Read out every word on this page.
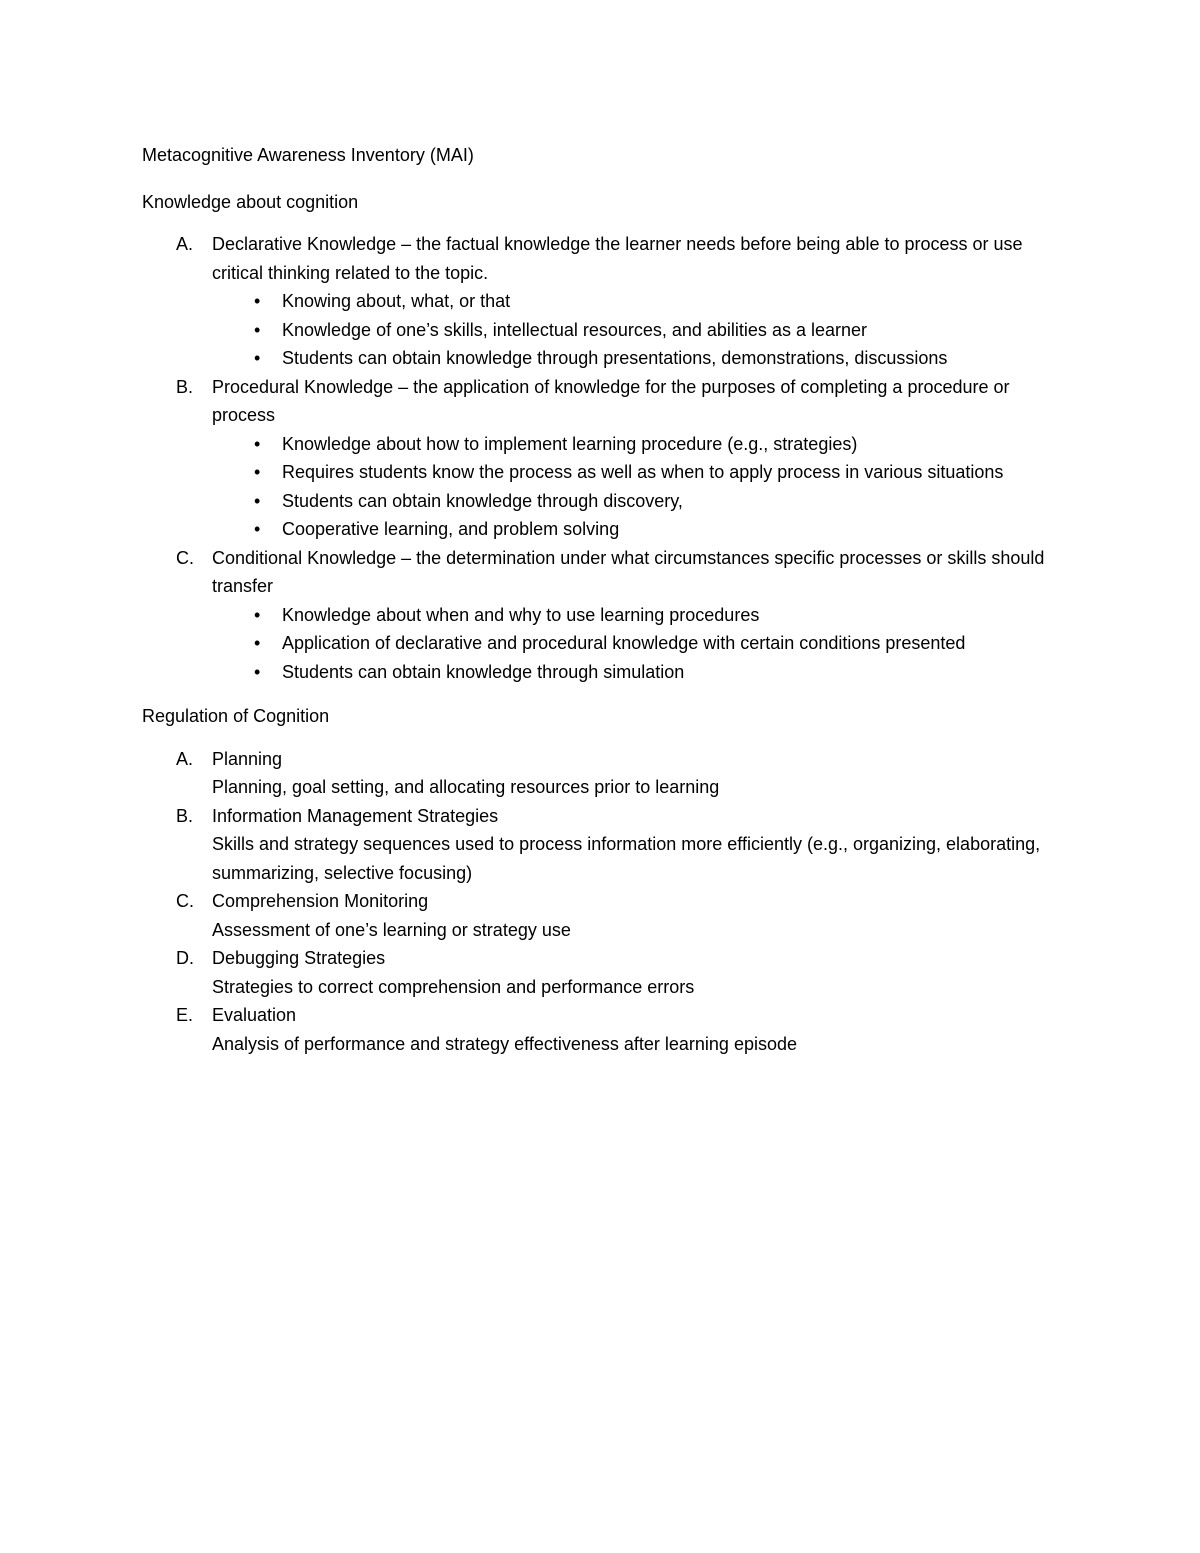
Metacognitive Awareness Inventory (MAI)
Knowledge about cognition
A. Declarative Knowledge – the factual knowledge the learner needs before being able to process or use critical thinking related to the topic.
• Knowing about, what, or that
• Knowledge of one’s skills, intellectual resources, and abilities as a learner
• Students can obtain knowledge through presentations, demonstrations, discussions
B. Procedural Knowledge – the application of knowledge for the purposes of completing a procedure or process
• Knowledge about how to implement learning procedure (e.g., strategies)
• Requires students know the process as well as when to apply process in various situations
• Students can obtain knowledge through discovery,
• Cooperative learning, and problem solving
C. Conditional Knowledge – the determination under what circumstances specific processes or skills should transfer
• Knowledge about when and why to use learning procedures
• Application of declarative and procedural knowledge with certain conditions presented
• Students can obtain knowledge through simulation
Regulation of Cognition
A. Planning
Planning, goal setting, and allocating resources prior to learning
B. Information Management Strategies
Skills and strategy sequences used to process information more efficiently (e.g., organizing, elaborating, summarizing, selective focusing)
C. Comprehension Monitoring
Assessment of one’s learning or strategy use
D. Debugging Strategies
Strategies to correct comprehension and performance errors
E. Evaluation
Analysis of performance and strategy effectiveness after learning episode
